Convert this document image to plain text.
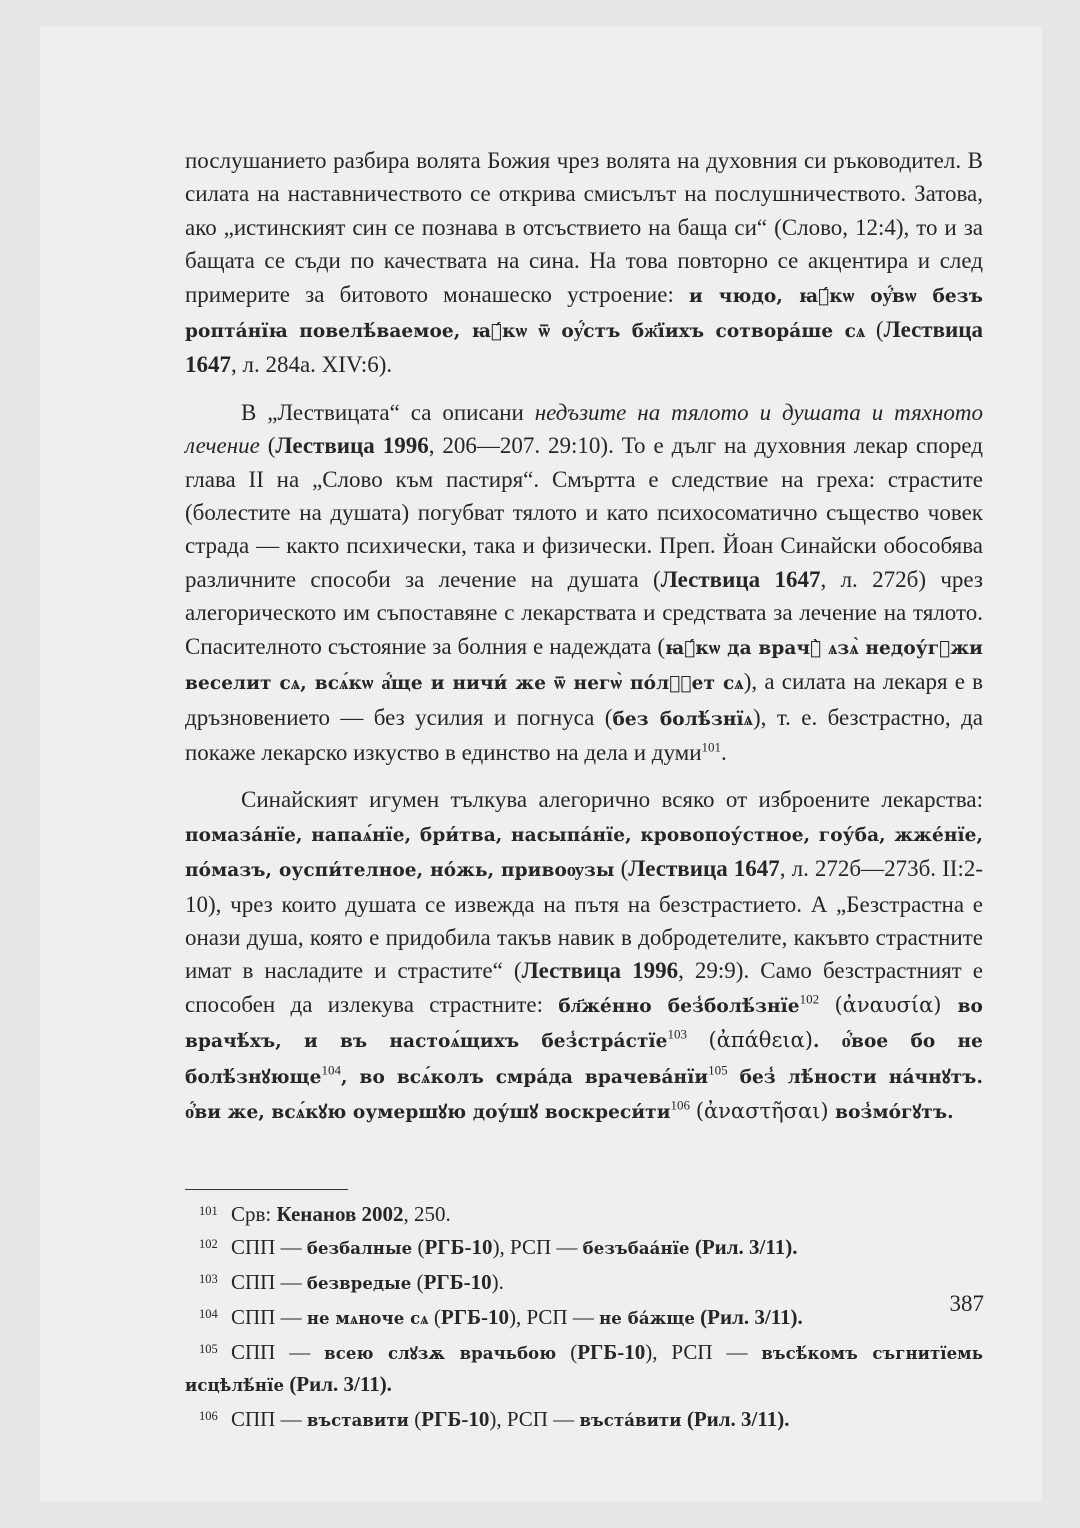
послушанието разбира волята Божия чрез волята на духовния си ръководител. В силата на наставничеството се открива смисълът на послушничеството. Затова, ако „истинският син се познава в отсъствието на баща си“ (Слово, 12:4), то и за бащата се съди по качествата на сина. На това повторно се акцентира и след примерите за битовото монашеско устроение: и чюдо, ꙗ҆́кѡ оу҆́вѡ безъ ропта́нїꙗ повелѣ́ваемое, ꙗ҆́кѡ ѿ оу҆́стъ бж҃їихъ сотвора́ше сѧ (Лествица 1647, л. 284а. XIV:6).

В „Лествицата“ са описани недъзите на тялото и душата и тяхното лечение (Лествица 1996, 206—207. 29:10). То е дълг на духовния лекар според глава II на „Слово към пастиря“. Смъртта е следствие на греха: страстите (болестите на душата) погубват тялото и като психосоматично същество човек страда — както психически, така и физически. Преп. Йоан Синайски обособява различните способи за лечение на душата (Лествица 1647, л. 272б) чрез алегорическото им съпоставяне с лекарствата и средствата за лечение на тялото. Спасителното състояние за болния е надеждата (ꙗ҆́кѡ да врачꙋ̀ ѧзѧ̀ недоу́гꙋжи веселит сѧ, всѧ́кѡ а҆́ще и ничи́ же ѿ негѡ̀ по́лꙁꙋет сѧ), а силата на лекаря е в дръзновението — без усилия и погнуса (без болѣ́знїѧ), т. е. безстрастно, да покаже лекарско изкуство в единство на дела и думи$^{101}$.

Синайският игумен тълкува алегорично всяко от изброените лекарства: помаза́нїе, напаѧ́нїе, бри́тва, насыпа́нїе, кровопоу́стное, гоу́ба, жже́нїе, по́мазъ, оуспи́телное, но́жь, привоѹзы (Лествица 1647, л. 272б—273б. II:2-10), чрез които душата се извежда на пътя на безстрастието. А „Безстрастна е онази душа, която е придобила такъв навик в добродетелите, какъвто страстните имат в насладите и страстите“ (Лествица 1996, 29:9). Само безстрастният е способен да излекува страстните: бл҃же́нно без̾болѣ́знїе$^{102}$ (ἀναυσία) во врачѣ́хъ, и въ настоѧ́щихъ без̾стра́стїе$^{103}$ (ἀπάθεια). о҆́вое бо не болѣ́знꙋюще$^{104}$, во всѧ́колъ смра́да врачева́нїи$^{105}$ без̾ лѣ́ности на́чнꙋтъ. о҆́ви же, всѧ́кꙋю оумершꙋю доу́шꙋ $воскреси́ти^{106}$ (ἀναστῆσαι) воз̾мо́гꙋтъ.

101 Срв: Кенанов 2002, 250.

102 СПП — безбалные (РГБ-10), РСП — безъбаа́нїе (Рил. 3/11).

103 СПП — безвредые (РГБ-10).

104 СПП — не мѧноче сѧ (РГБ-10), РСП — не ба́жще (Рил. 3/11).

105 СПП — всею слꙋзѫ врачьбою (РГБ-10), РСП — въсѣ́комъ съгнитїемь исцѣлѣ́нїе (Рил. 3/11).

106 СПП — въставити (РГБ-10), РСП — въста́вити (Рил. 3/11).

387
